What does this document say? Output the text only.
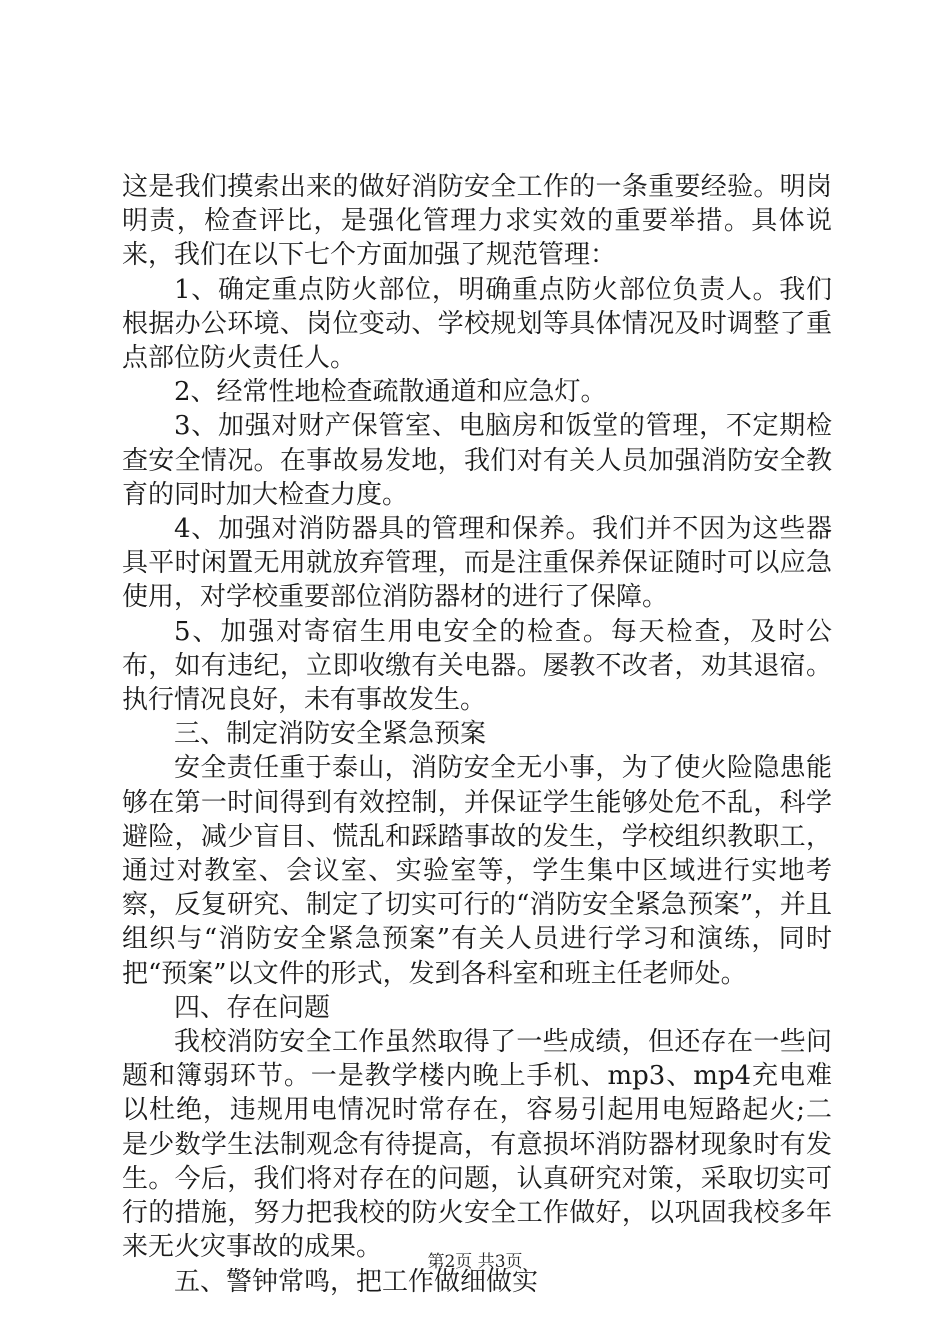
这是我们摸索出来的做好消防安全工作的一条重要经验。明岗明责，检查评比，是强化管理力求实效的重要举措。具体说来，我们在以下七个方面加强了规范管理：

1、确定重点防火部位，明确重点防火部位负责人。我们根据办公环境、岗位变动、学校规划等具体情况及时调整了重点部位防火责任人。

2、经常性地检查疏散通道和应急灯。

3、加强对财产保管室、电脑房和饭堂的管理，不定期检查安全情况。在事故易发地，我们对有关人员加强消防安全教育的同时加大检查力度。

4、加强对消防器具的管理和保养。我们并不因为这些器具平时闲置无用就放弃管理，而是注重保养保证随时可以应急使用，对学校重要部位消防器材的进行了保障。

5、加强对寄宿生用电安全的检查。每天检查，及时公布，如有违纪，立即收缴有关电器。屡教不改者，劝其退宿。执行情况良好，未有事故发生。

三、制定消防安全紧急预案

安全责任重于泰山，消防安全无小事，为了使火险隐患能够在第一时间得到有效控制，并保证学生能够处危不乱，科学避险，减少盲目、慌乱和踩踏事故的发生，学校组织教职工，通过对教室、会议室、实验室等，学生集中区域进行实地考察，反复研究、制定了切实可行的“消防安全紧急预案”，并且组织与“消防安全紧急预案”有关人员进行学习和演练，同时把“预案”以文件的形式，发到各科室和班主任老师处。

四、存在问题

我校消防安全工作虽然取得了一些成绩，但还存在一些问题和簿弱环节。一是教学楼内晚上手机、mp3、mp4充电难以杜绝，违规用电情况时常存在，容易引起用电短路起火;二是少数学生法制观念有待提高，有意损坏消防器材现象时有发生。今后，我们将对存在的问题，认真研究对策，采取切实可行的措施，努力把我校的防火安全工作做好，以巩固我校多年来无火灾事故的成果。

五、警钟常鸣，把工作做细做实

第2页 共3页
